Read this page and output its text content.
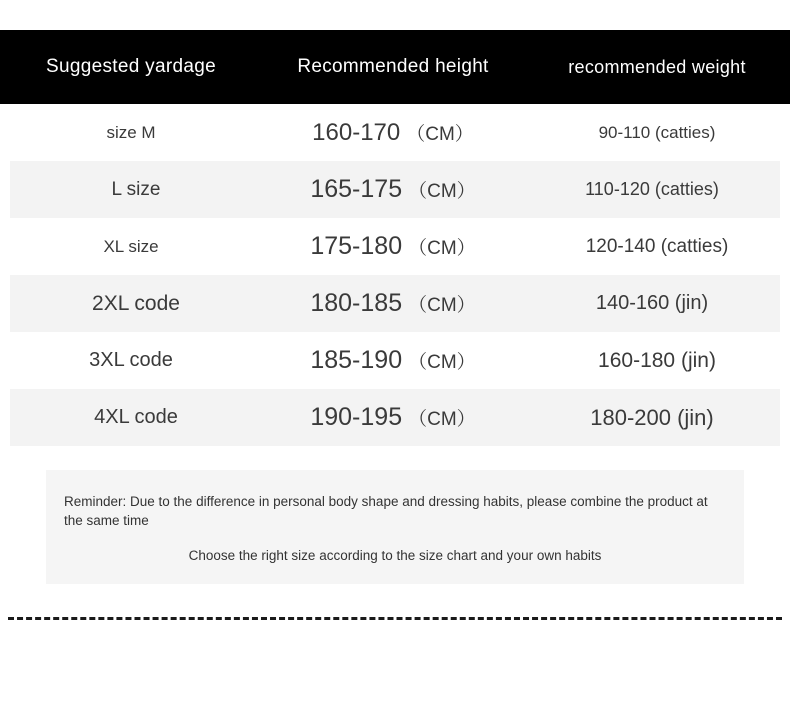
Suggested yardage	Recommended height	recommended weight
size M	160-170 （CM）	90-110 (catties)
L size	165-175 （CM）	110-120 (catties)
XL size	175-180 （CM）	120-140 (catties)
2XL code	180-185 （CM）	140-160 (jin)
3XL code	185-190 （CM）	160-180 (jin)
4XL code	190-195 （CM）	180-200 (jin)
Reminder: Due to the difference in personal body shape and dressing habits, please combine the product at the same time
Choose the right size according to the size chart and your own habits
